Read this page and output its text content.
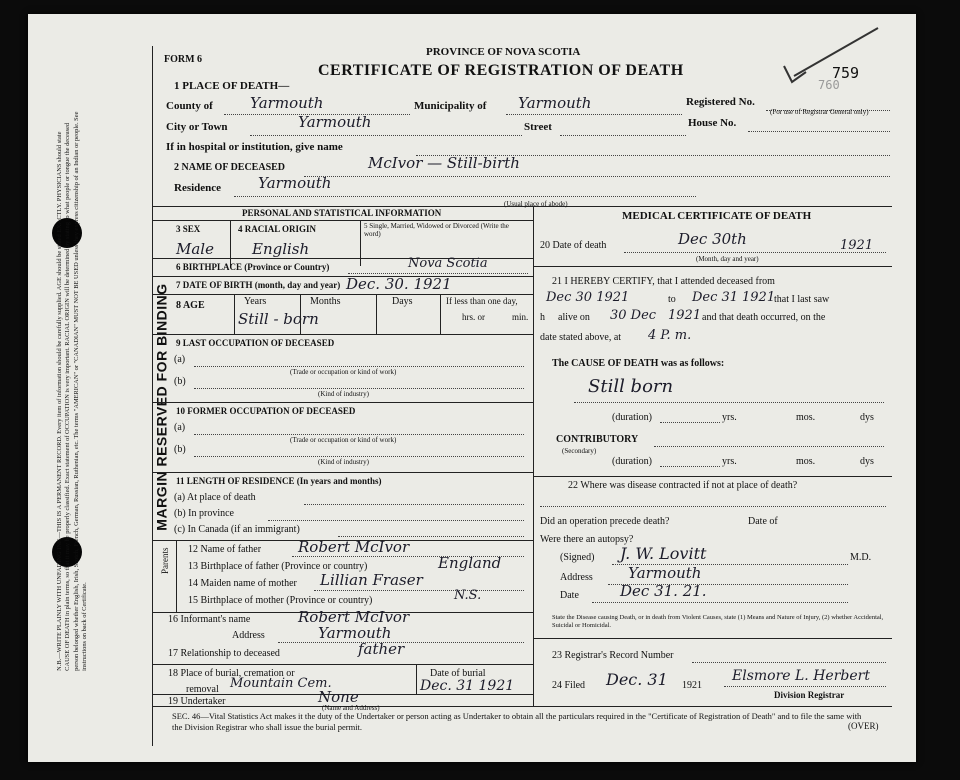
N.B.—WRITE PLAINLY WITH UNFADING INK—THIS IS A PERMANENT RECORD. Every item of information should be carefully supplied. AGE should be stated EXACTLY. PHYSICIANS should state CAUSE OF DEATH in plain terms, so that it may be properly classified. Exact statement of OCCUPATION is very important. RACIAL ORIGIN will be determined by stating to what people or tongue the deceased person belonged whether English, Irish, Scotch, French, German, Russian, Ruthenian, etc. The terms "AMERICAN" or "CANADIAN" MUST NOT BE USED unless they express citizenship of an Indian or people. See instructions on back of Certificate.
MARGIN RESERVED FOR BINDING
FORM 6
PROVINCE OF NOVA SCOTIA
CERTIFICATE OF REGISTRATION OF DEATH	759
760
1 PLACE OF DEATH—
County of Yarmouth	Municipality of Yarmouth	Registered No.
(For use of Registrar General only)
City or Town	Yarmouth	Street	House No.
If in hospital or institution, give name
2 NAME OF DECEASED	McIvor — Still-birth
Residence Yarmouth
(Usual place of abode)
PERSONAL AND STATISTICAL INFORMATION
3 SEX	4 RACIAL ORIGIN	5 Single, Married, Widowed or Divorced (Write the word)
Male	English
6 BIRTHPLACE (Province or Country)	Nova Scotia
7 DATE OF BIRTH (month, day and year) Dec. 30. 1921
8 AGE	Years	Months	Days	If less than one day,
Still - born	hrs. or	min.
9 LAST OCCUPATION OF DECEASED
(a)
(Trade or occupation or kind of work)
(b)
(Kind of industry)
10 FORMER OCCUPATION OF DECEASED
(a)
(Trade or occupation or kind of work)
(b)
(Kind of industry)
11 LENGTH OF RESIDENCE (In years and months)
(a) At place of death
(b) In province
(c) In Canada (if an immigrant)
Parents 12 Name of father Robert McIvor
13 Birthplace of father (Province or country)	England
14 Maiden name of mother Lillian Fraser
15 Birthplace of mother (Province or country)	N.S.
16 Informant's name	Robert McIvor
Address	Yarmouth
17 Relationship to deceased	father
18 Place of burial, cremation or	Date of burial
removal Mountain Cem.	Dec. 31 1921
19 Undertaker	None
(Name and Address)
MEDICAL CERTIFICATE OF DEATH
20 Date of death	Dec 30th	1921
(Month, day and year)
21 I HEREBY CERTIFY, that I attended deceased from
Dec 30 1921	to Dec 31 1921
that I last saw
h alive on 30 Dec 1921 and that death occurred, on the
date stated above, at 4 P. m.
The CAUSE OF DEATH was as follows:
Still born
(duration)	yrs.	mos.	dys
CONTRIBUTORY
(Secondary)
(duration)	yrs.	mos.	dys
22 Where was disease contracted if not at place of death?
Did an operation precede death?	Date of
Were there an autopsy?
(Signed) J. W. Lovitt	M.D.
Address Yarmouth
Date	Dec 31. 21.
State the Disease causing Death, or in death from Violent Causes, state (1) Means and Nature of Injury, (2) whether Accidental, Suicidal or Homicidal.
23 Registrar's Record Number
24 Filed Dec. 31 1921
Elsmore L. Herbert
Division Registrar
SEC. 46—Vital Statistics Act makes it the duty of the Undertaker or person acting as Undertaker to obtain all the particulars required in the "Certificate of Registration of Death" and to file the same with the Division Registrar who shall issue the burial permit.	(OVER)
